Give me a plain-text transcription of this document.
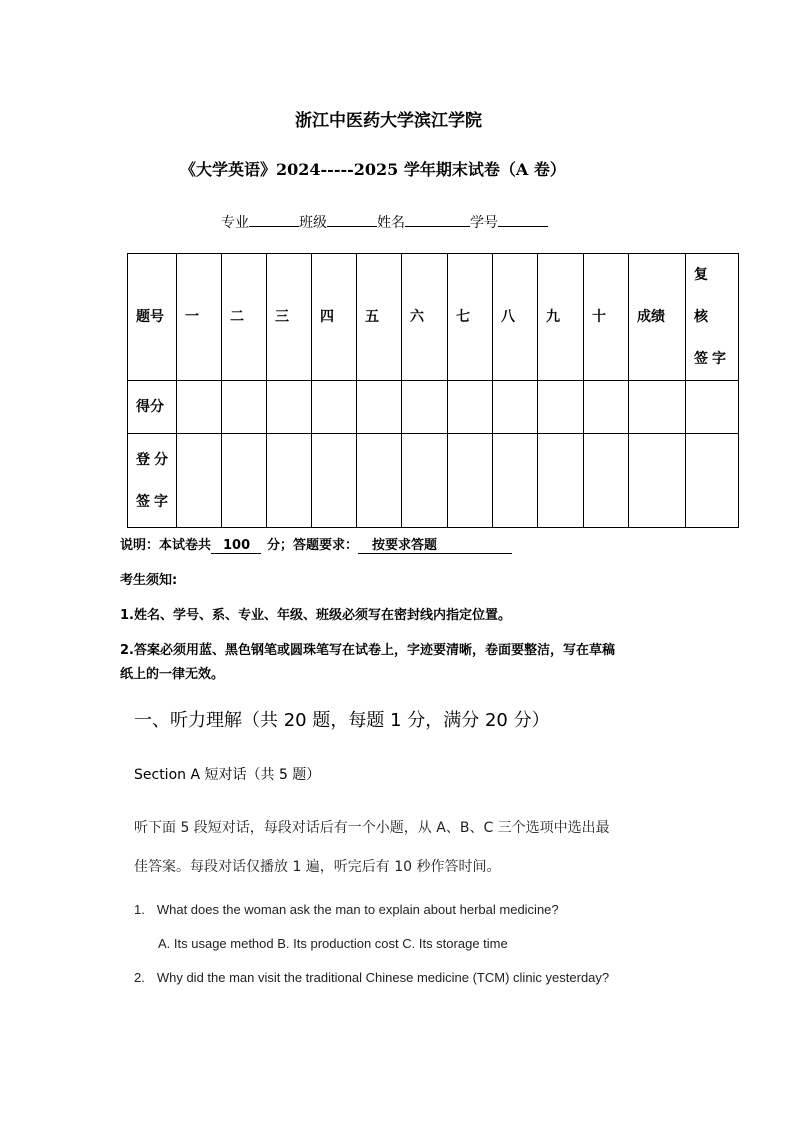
浙江中医药大学滨江学院
《大学英语》2024-----2025 学年期末试卷（A 卷）
专业	班级	姓名	学号
题号	一	二	三	四	五	六	七	八	九	十	成绩	复 核 签字
得分												
登分 签字												
说明：本试卷共 100 分；答题要求： 按要求答题
考生须知:
1.姓名、学号、系、专业、年级、班级必须写在密封线内指定位置。
2.答案必须用蓝、黑色钢笔或圆珠笔写在试卷上，字迹要清晰，卷面要整洁，写在草稿
纸上的一律无效。
一、听力理解（共 20 题，每题 1 分，满分 20 分）
Section A 短对话（共 5 题）
听下面 5 段短对话，每段对话后有一个小题，从 A、B、C 三个选项中选出最
佳答案。每段对话仅播放 1 遍，听完后有 10 秒作答时间。
1. What does the woman ask the man to explain about herbal medicine?
A. Its usage method B. Its production cost C. Its storage time
2. Why did the man visit the traditional Chinese medicine (TCM) clinic yesterday?
